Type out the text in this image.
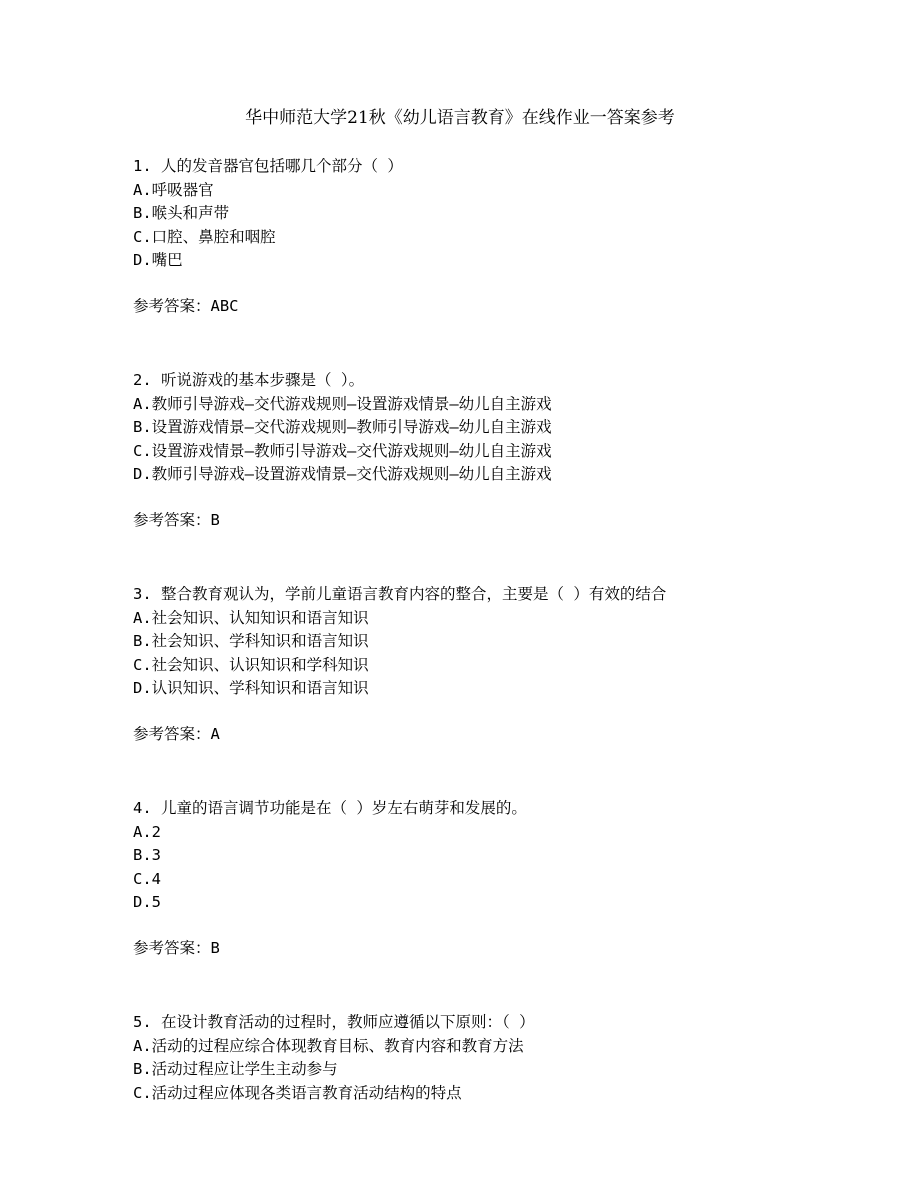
华中师范大学21秋《幼儿语言教育》在线作业一答案参考
1. 人的发音器官包括哪几个部分（ ）
A.呼吸器官
B.喉头和声带
C.口腔、鼻腔和咽腔
D.嘴巴
参考答案：ABC
2. 听说游戏的基本步骤是（ ）。
A.教师引导游戏—交代游戏规则—设置游戏情景—幼儿自主游戏
B.设置游戏情景—交代游戏规则—教师引导游戏—幼儿自主游戏
C.设置游戏情景—教师引导游戏—交代游戏规则—幼儿自主游戏
D.教师引导游戏—设置游戏情景—交代游戏规则—幼儿自主游戏
参考答案：B
3. 整合教育观认为，学前儿童语言教育内容的整合，主要是（ ）有效的结合
A.社会知识、认知知识和语言知识
B.社会知识、学科知识和语言知识
C.社会知识、认识知识和学科知识
D.认识知识、学科知识和语言知识
参考答案：A
4. 儿童的语言调节功能是在（ ）岁左右萌芽和发展的。
A.2
B.3
C.4
D.5
参考答案：B
5. 在设计教育活动的过程时，教师应遵循以下原则：（ ）
A.活动的过程应综合体现教育目标、教育内容和教育方法
B.活动过程应让学生主动参与
C.活动过程应体现各类语言教育活动结构的特点
